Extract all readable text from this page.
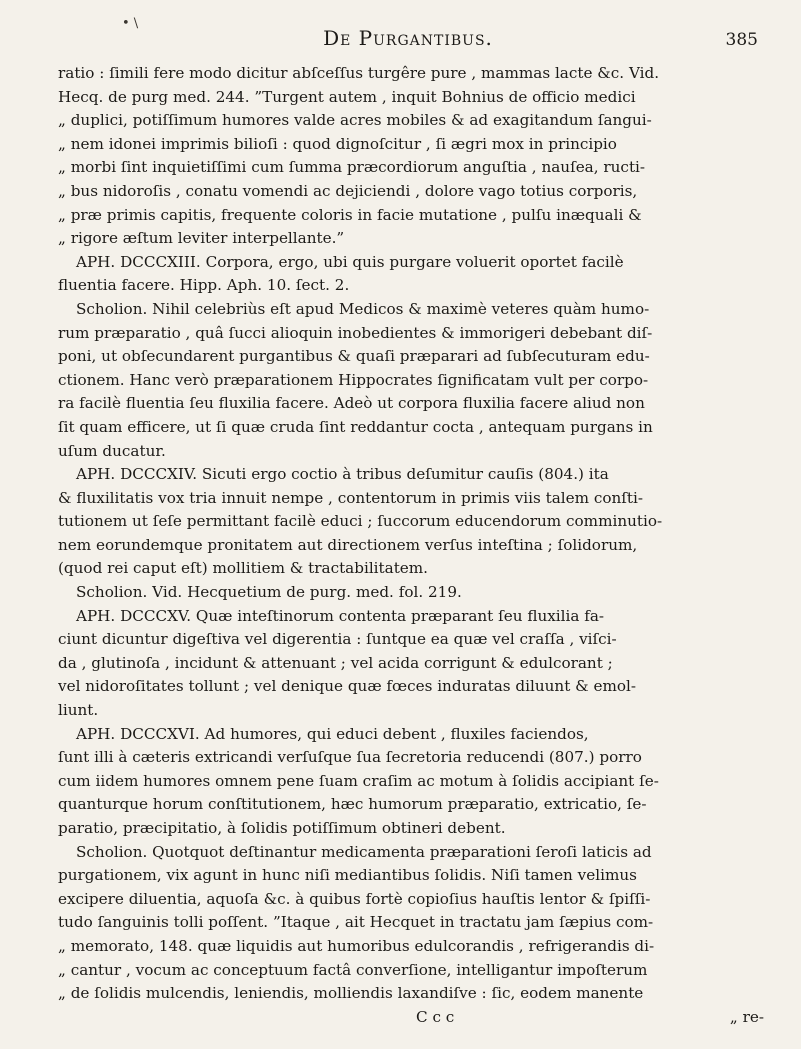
• \
De Purgantibus.	385
ratio : ſimili fere modo dicitur abſceſſus turgêre pure , mammas lacte &c. Vid.
Hecq. de purg med. 244. ”Turgent autem , inquit Bohnius de officio medici
„ duplici, potiſſimum humores valde acres mobiles & ad exagitandum ſangui-
„ nem idonei imprimis bilioſi : quod dignoſcitur , ſi ægri mox in principio
„ morbi ſint inquietiſſimi cum ſumma præcordiorum anguſtia , nauſea, ructi-
„ bus nidoroſis , conatu vomendi ac dejiciendi , dolore vago totius corporis,
„ præ primis capitis, frequente coloris in facie mutatione , pulſu inæquali &
„ rigore æſtum leviter interpellante.”
APH. DCCCXIII. Corpora, ergo, ubi quis purgare voluerit oportet facilè
fluentia facere. Hipp. Aph. 10. ſect. 2.
Scholion. Nihil celebriùs eſt apud Medicos & maximè veteres quàm humo-
rum præparatio , quâ ſucci alioquin inobedientes & immorigeri debebant diſ-
poni, ut obſecundarent purgantibus & quaſi præparari ad ſubſecuturam edu-
ctionem. Hanc verò præparationem Hippocrates ſignificatam vult per corpo-
ra facilè fluentia ſeu fluxilia facere. Adeò ut corpora fluxilia facere aliud non
ſit quam efficere, ut ſi quæ cruda ſint reddantur cocta , antequam purgans in
uſum ducatur.
APH. DCCCXIV. Sicuti ergo coctio à tribus deſumitur cauſis (804.) ita
& fluxilitatis vox tria innuit nempe , contentorum in primis viis talem conſti-
tutionem ut ſeſe permittant facilè educi ; ſuccorum educendorum comminutio-
nem eorundemque pronitatem aut directionem verſus inteſtina ; ſolidorum,
(quod rei caput eſt) mollitiem & tractabilitatem.
Scholion. Vid. Hecquetium de purg. med. fol. 219.
APH. DCCCXV. Quæ inteſtinorum contenta præparant ſeu fluxilia fa-
ciunt dicuntur digeſtiva vel digerentia : ſuntque ea quæ vel craſſa , viſci-
da , glutinoſa , incidunt & attenuant ; vel acida corrigunt & edulcorant ;
vel nidoroſitates tollunt ; vel denique quæ fœces induratas diluunt & emol-
liunt.
APH. DCCCXVI. Ad humores, qui educi debent , fluxiles faciendos,
ſunt illi à cæteris extricandi verſuſque ſua ſecretoria reducendi (807.) porro
cum iidem humores omnem pene ſuam craſim ac motum à ſolidis accipiant ſe-
quanturque horum conſtitutionem, hæc humorum præparatio, extricatio, ſe-
paratio, præcipitatio, à ſolidis potiſſimum obtineri debent.
Scholion. Quotquot deſtinantur medicamenta præparationi ſeroſi laticis ad
purgationem, vix agunt in hunc niſi mediantibus ſolidis. Niſi tamen velimus
excipere diluentia, aquoſa &c. à quibus fortè copioſius hauſtis lentor & ſpiſſi-
tudo ſanguinis tolli poſſent. ”Itaque , ait Hecquet in tractatu jam ſæpius com-
„ memorato, 148. quæ liquidis aut humoribus edulcorandis , refrigerandis di-
„ cantur , vocum ac conceptuum factâ converſione, intelligantur impoſterum
„ de ſolidis mulcendis, leniendis, molliendis laxandiſve : ſic, eodem manente
C c c	„ re-
